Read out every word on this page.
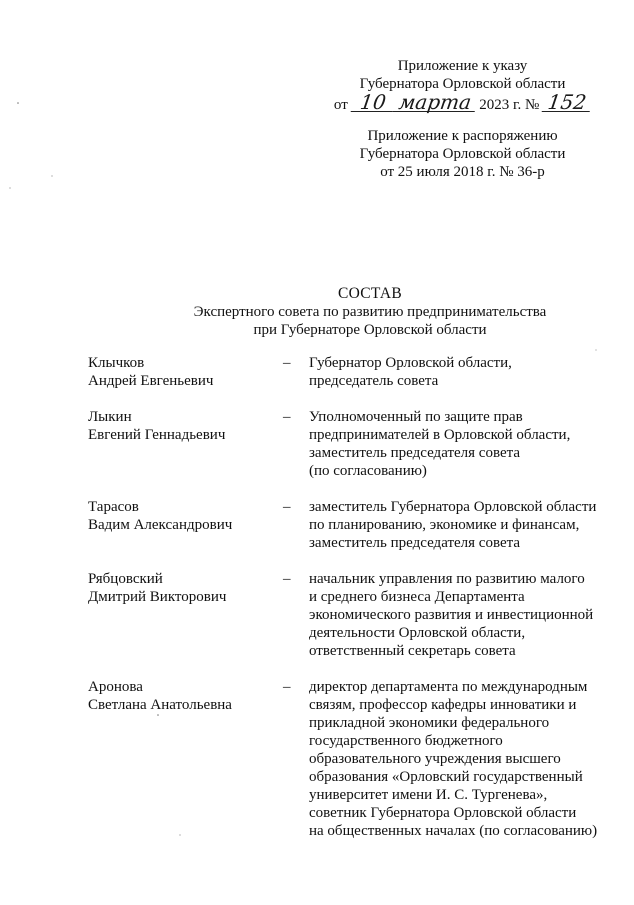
Приложение к указу
Губернатора Орловской области
от 10 марта 2023 г. № 152
Приложение к распоряжению
Губернатора Орловской области
от 25 июля 2018 г. № 36-р
СОСТАВ
Экспертного совета по развитию предпринимательства
при Губернаторе Орловской области
Клычков
Андрей Евгеньевич
– Губернатор Орловской области,
председатель совета
Лыкин
Евгений Геннадьевич
– Уполномоченный по защите прав
предпринимателей в Орловской области,
заместитель председателя совета
(по согласованию)
Тарасов
Вадим Александрович
– заместитель Губернатора Орловской области
по планированию, экономике и финансам,
заместитель председателя совета
Рябцовский
Дмитрий Викторович
– начальник управления по развитию малого
и среднего бизнеса Департамента
экономического развития и инвестиционной
деятельности Орловской области,
ответственный секретарь совета
Аронова
Светлана Анатольевна
– директор департамента по международным
связям, профессор кафедры инноватики и
прикладной экономики федерального
государственного бюджетного
образовательного учреждения высшего
образования «Орловский государственный
университет имени И. С. Тургенева»,
советник Губернатора Орловской области
на общественных началах (по согласованию)
